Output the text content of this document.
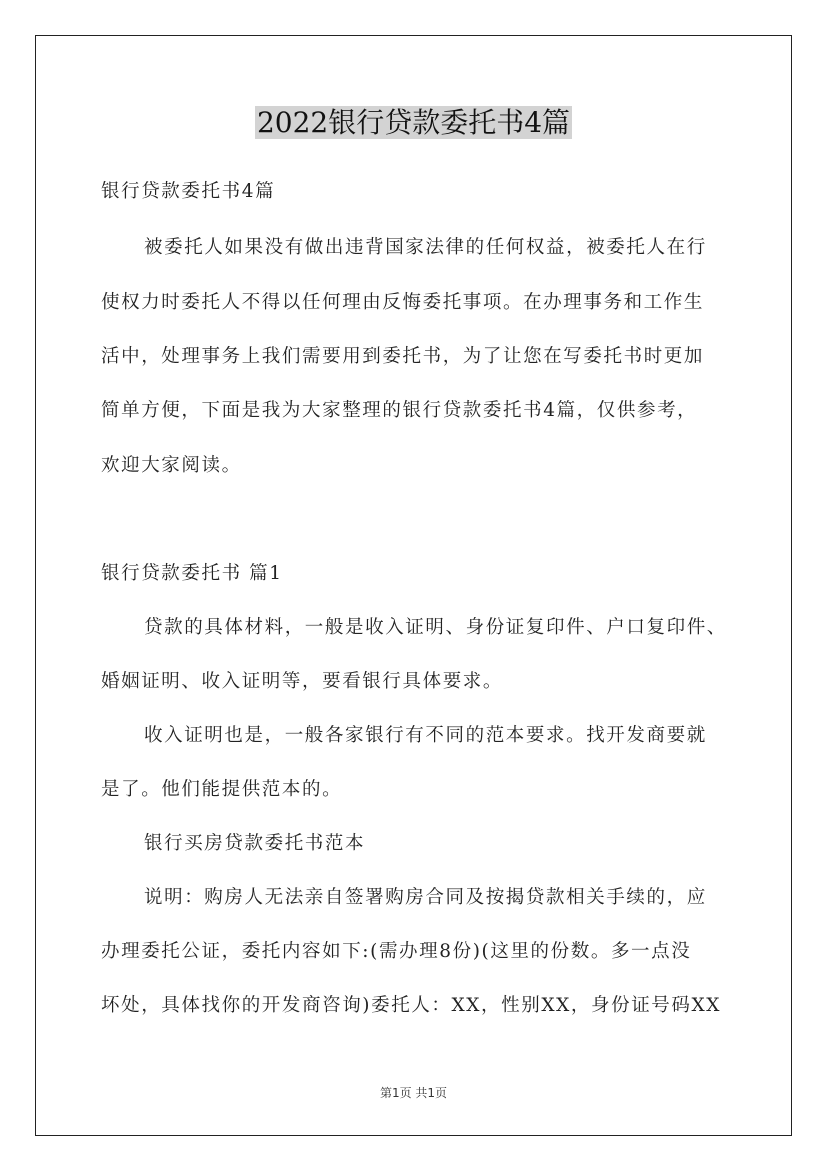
2022银行贷款委托书4篇
银行贷款委托书4篇
被委托人如果没有做出违背国家法律的任何权益，被委托人在行
使权力时委托人不得以任何理由反悔委托事项。在办理事务和工作生
活中，处理事务上我们需要用到委托书，为了让您在写委托书时更加
简单方便，下面是我为大家整理的银行贷款委托书4篇，仅供参考，
欢迎大家阅读。
银行贷款委托书 篇1
贷款的具体材料，一般是收入证明、身份证复印件、户口复印件、
婚姻证明、收入证明等，要看银行具体要求。
收入证明也是，一般各家银行有不同的范本要求。找开发商要就
是了。他们能提供范本的。
银行买房贷款委托书范本
说明：购房人无法亲自签署购房合同及按揭贷款相关手续的，应
办理委托公证，委托内容如下:(需办理8份)(这里的份数。多一点没
坏处，具体找你的开发商咨询)委托人：XX，性别XX，身份证号码XX
第1页 共1页
